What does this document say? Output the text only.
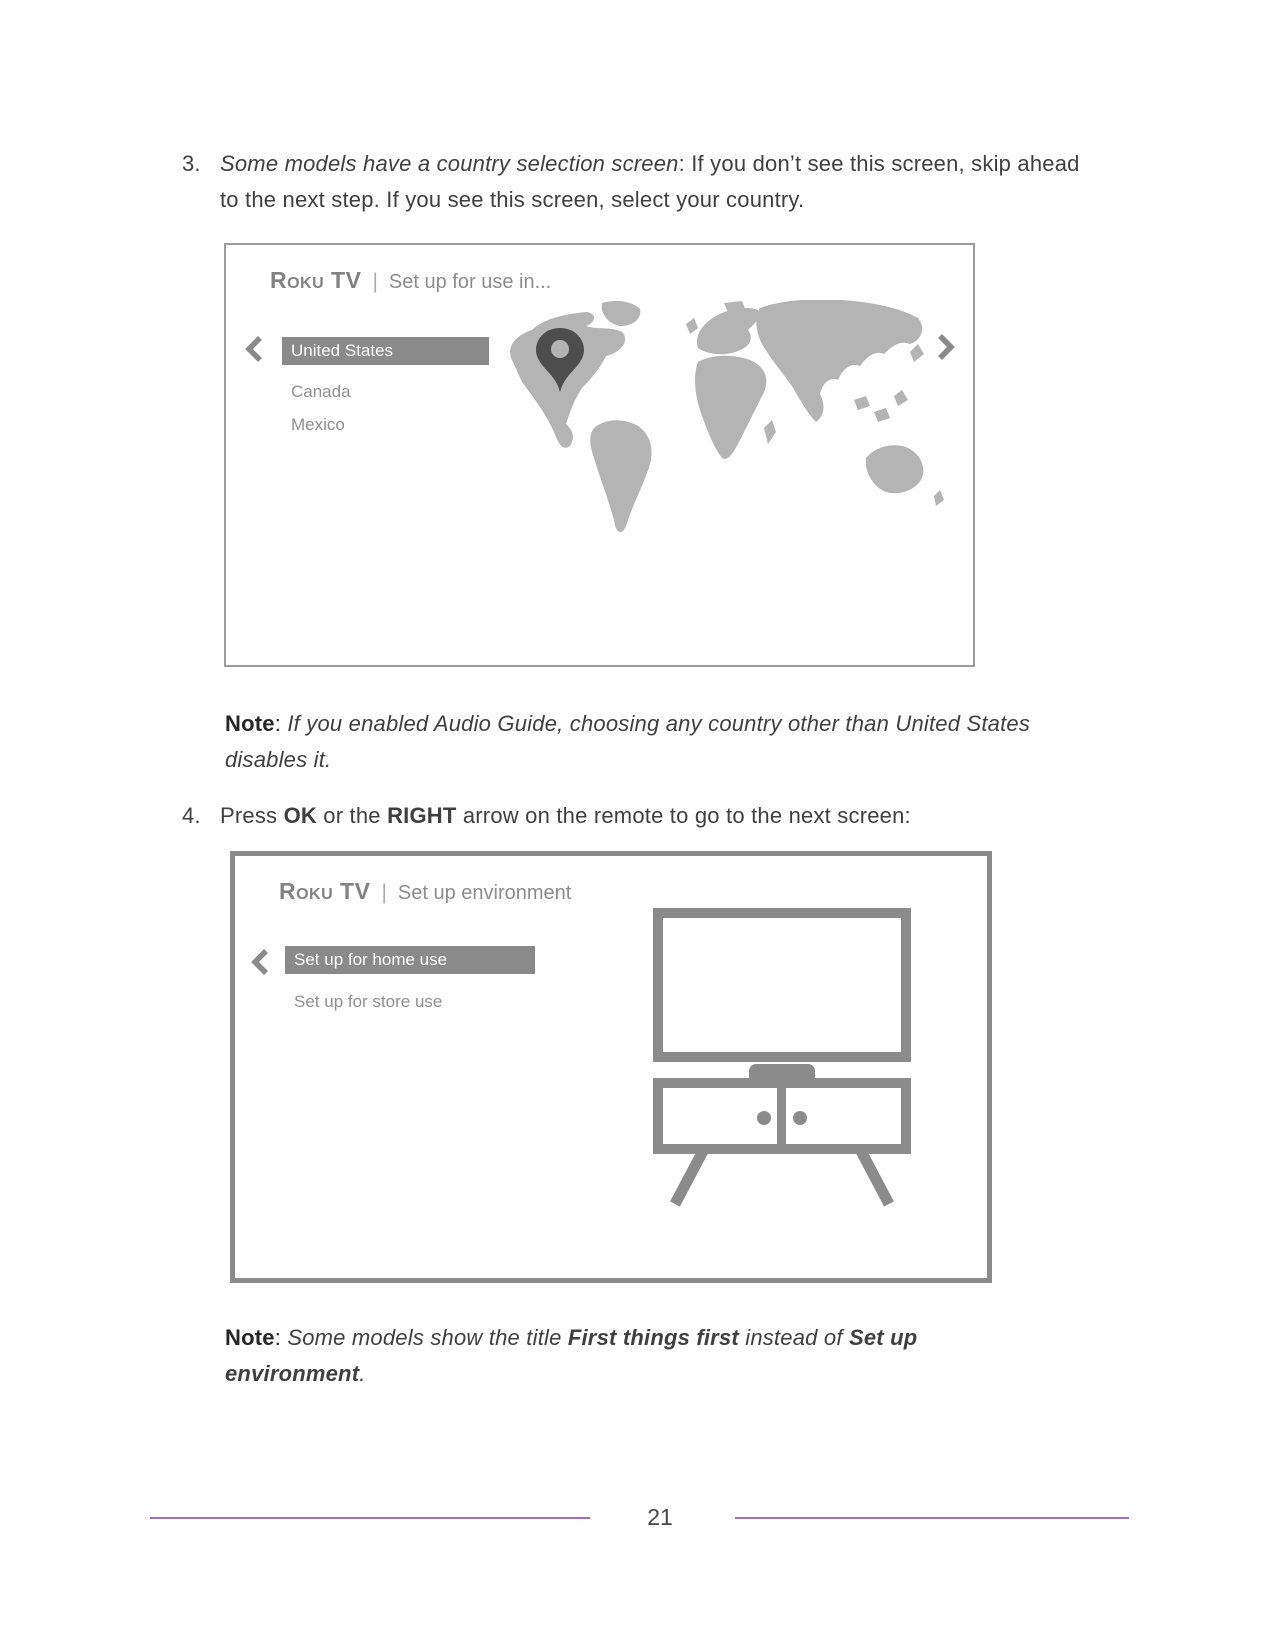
3. Some models have a country selection screen: If you don’t see this screen, skip ahead to the next step. If you see this screen, select your country.
Roku TV | Set up for use in...
United States
Canada
Mexico
Note: If you enabled Audio Guide, choosing any country other than United States disables it.
4. Press OK or the RIGHT arrow on the remote to go to the next screen:
Roku TV | Set up environment
Set up for home use
Set up for store use
Note: Some models show the title First things first instead of Set up environment.
21
